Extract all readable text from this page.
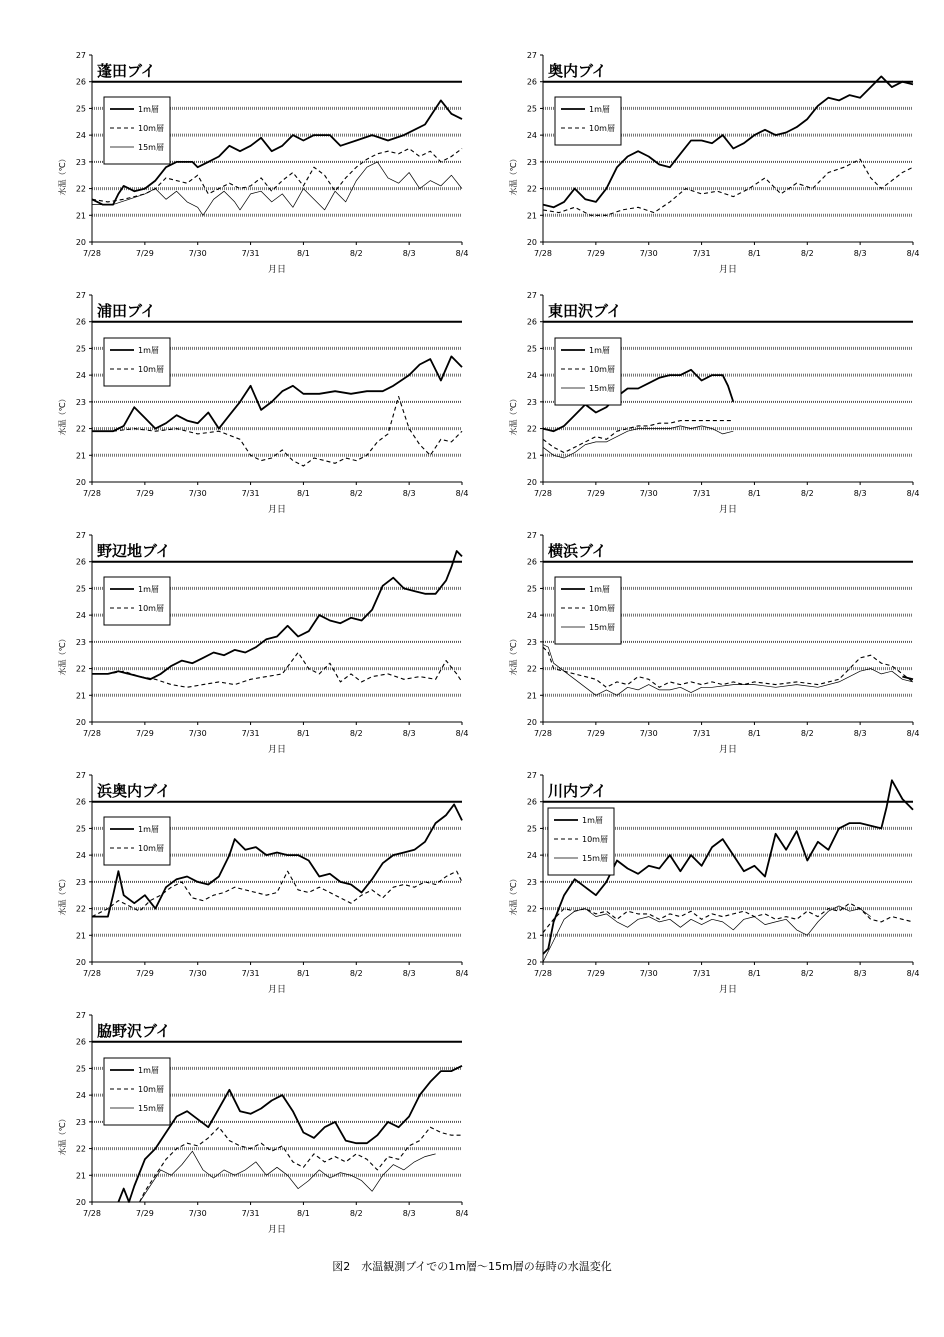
20
21
22
23
24
25
26
27
7/28	7/29	7/30	7/31	8/1	8/2	8/3	8/4
月日
水温（℃）
蓬田ブイ
1m層
10m層
15m層
20
21
22
23
24
25
26
27
7/28	7/29	7/30	7/31	8/1	8/2	8/3	8/4
月日
水温（℃）
奥内ブイ
1m層
10m層
20
21
22
23
24
25
26
27
7/28	7/29	7/30	7/31	8/1	8/2	8/3	8/4
月日
水温（℃）
浦田ブイ
1m層
10m層
20
21
22
23
24
25
26
27
7/28	7/29	7/30	7/31	8/1	8/2	8/3	8/4
月日
水温（℃）
東田沢ブイ
1m層
10m層
15m層
20
21
22
23
24
25
26
27
7/28	7/29	7/30	7/31	8/1	8/2	8/3	8/4
月日
水温（℃）
野辺地ブイ
1m層
10m層
20
21
22
23
24
25
26
27
7/28	7/29	7/30	7/31	8/1	8/2	8/3	8/4
月日
水温（℃）
横浜ブイ
1m層
10m層
15m層
20
21
22
23
24
25
26
27
7/28	7/29	7/30	7/31	8/1	8/2	8/3	8/4
月日
水温（℃）
浜奥内ブイ
1m層
10m層
20
21
22
23
24
25
26
27
7/28	7/29	7/30	7/31	8/1	8/2	8/3	8/4
月日
水温（℃）
川内ブイ
1m層
10m層
15m層
20
21
22
23
24
25
26
27
7/28	7/29	7/30	7/31	8/1	8/2	8/3	8/4
月日
水温（℃）
脇野沢ブイ
1m層
10m層
15m層
図2　水温観測ブイでの1m層〜15m層の毎時の水温変化
